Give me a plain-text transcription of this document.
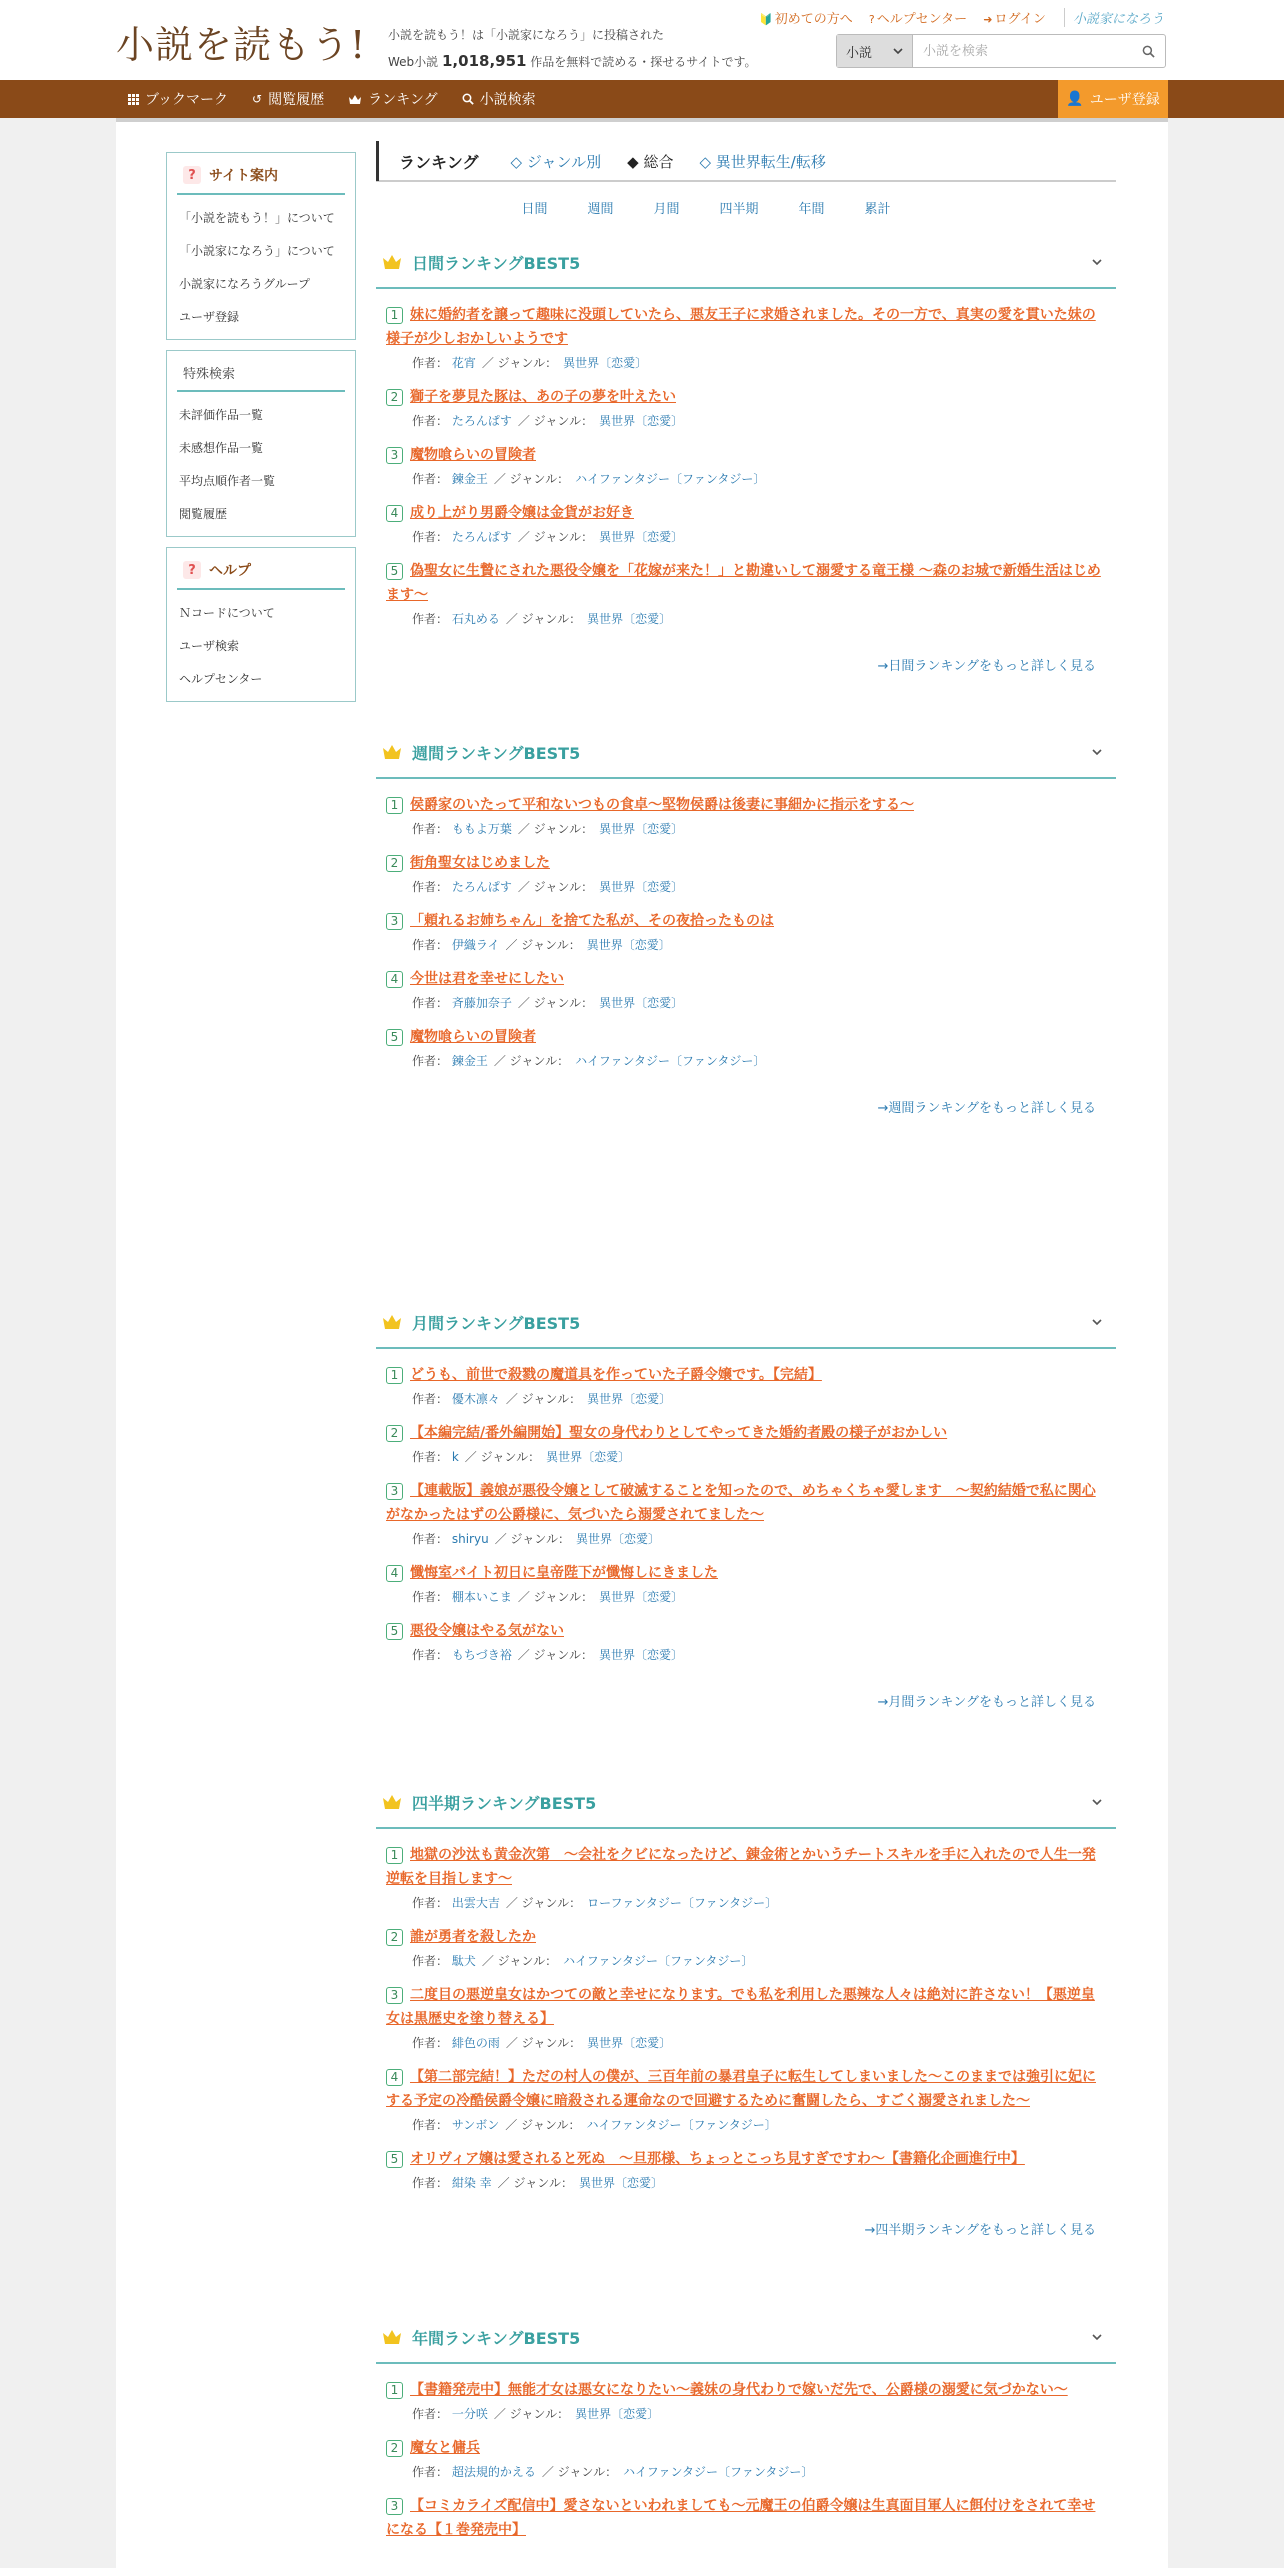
小説を読もう! 小説を読もう！は「小説家になろう」に投稿された
Web小説 1,018,951 作品を無料で読める・探せるサイトです。
🔰 初めての方へ ? ヘルプセンター ➜ ログイン 小説家になろう
小説
小説を検索
ブックマーク ↺ 閲覧履歴	ランキング	小説検索	👤 ユーザ登録
? サイト案内
「小説を読もう！」について
「小説家になろう」について
小説家になろうグループ
ユーザ登録
特殊検索
未評価作品一覧
未感想作品一覧
平均点順作者一覧
閲覧履歴
? ヘルプ
Ｎコードについて
ユーザ検索
ヘルプセンター
ランキング ◇ ジャンル別 ◆ 総合 ◇ 異世界転生/転移
日間	週間	月間	四半期	年間	累計
日間ランキングBEST5
1 妹に婚約者を譲って趣味に没頭していたら、悪友王子に求婚されました。その一方で、真実の愛を貫いた妹の様子が少しおかしいようです
作者： 花宵 ／ ジャンル： 異世界〔恋愛〕
2 獅子を夢見た豚は、あの子の夢を叶えたい
作者： たろんぱす ／ ジャンル： 異世界〔恋愛〕
3 魔物喰らいの冒険者
作者： 鍊金王 ／ ジャンル： ハイファンタジー〔ファンタジー〕
4 成り上がり男爵令嬢は金貨がお好き
作者： たろんぱす ／ ジャンル： 異世界〔恋愛〕
5 偽聖女に生贄にされた悪役令嬢を「花嫁が来た！」と勘違いして溺愛する竜王様 〜森のお城で新婚生活はじめます〜
作者： 石丸める ／ ジャンル： 異世界〔恋愛〕
→日間ランキングをもっと詳しく見る
週間ランキングBEST5
1 侯爵家のいたって平和ないつもの食卓～堅物侯爵は後妻に事細かに指示をする～
作者： ももよ万葉 ／ ジャンル： 異世界〔恋愛〕
2 街角聖女はじめました
作者： たろんぱす ／ ジャンル： 異世界〔恋愛〕
3 「頼れるお姉ちゃん」を捨てた私が、その夜拾ったものは
作者： 伊織ライ ／ ジャンル： 異世界〔恋愛〕
4 今世は君を幸せにしたい
作者： 斉藤加奈子 ／ ジャンル： 異世界〔恋愛〕
5 魔物喰らいの冒険者
作者： 鍊金王 ／ ジャンル： ハイファンタジー〔ファンタジー〕
→週間ランキングをもっと詳しく見る
月間ランキングBEST5
1 どうも、前世で殺戮の魔道具を作っていた子爵令嬢です。【完結】
作者： 優木凛々 ／ ジャンル： 異世界〔恋愛〕
2 【本編完結/番外編開始】聖女の身代わりとしてやってきた婚約者殿の様子がおかしい
作者： k ／ ジャンル： 異世界〔恋愛〕
3 【連載版】義娘が悪役令嬢として破滅することを知ったので、めちゃくちゃ愛します　～契約結婚で私に関心がなかったはずの公爵様に、気づいたら溺愛されてました～
作者： shiryu ／ ジャンル： 異世界〔恋愛〕
4 懺悔室バイト初日に皇帝陛下が懺悔しにきました
作者： 棚本いこま ／ ジャンル： 異世界〔恋愛〕
5 悪役令嬢はやる気がない
作者： もちづき裕 ／ ジャンル： 異世界〔恋愛〕
→月間ランキングをもっと詳しく見る
四半期ランキングBEST5
1 地獄の沙汰も黄金次第　～会社をクビになったけど、錬金術とかいうチートスキルを手に入れたので人生一発逆転を目指します～
作者： 出雲大吉 ／ ジャンル： ローファンタジー〔ファンタジー〕
2 誰が勇者を殺したか
作者： 駄犬 ／ ジャンル： ハイファンタジー〔ファンタジー〕
3 二度目の悪逆皇女はかつての敵と幸せになります。でも私を利用した悪辣な人々は絶対に許さない！【悪逆皇女は黒歴史を塗り替える】
作者： 緋色の雨 ／ ジャンル： 異世界〔恋愛〕
4 【第二部完結！】ただの村人の僕が、三百年前の暴君皇子に転生してしまいました～このままでは強引に妃にする予定の冷酷侯爵令嬢に暗殺される運命なので回避するために奮闘したら、すごく溺愛されました～
作者： サンボン ／ ジャンル： ハイファンタジー〔ファンタジー〕
5 オリヴィア嬢は愛されると死ぬ　～旦那様、ちょっとこっち見すぎですわ～【書籍化企画進行中】
作者： 紺染 幸 ／ ジャンル： 異世界〔恋愛〕
→四半期ランキングをもっと詳しく見る
年間ランキングBEST5
1 【書籍発売中】無能才女は悪女になりたい～義妹の身代わりで嫁いだ先で、公爵様の溺愛に気づかない～
作者： 一分咲 ／ ジャンル： 異世界〔恋愛〕
2 魔女と傭兵
作者： 超法規的かえる ／ ジャンル： ハイファンタジー〔ファンタジー〕
3 【コミカライズ配信中】愛さないといわれましても～元魔王の伯爵令嬢は生真面目軍人に餌付けをされて幸せになる【１巻発売中】
